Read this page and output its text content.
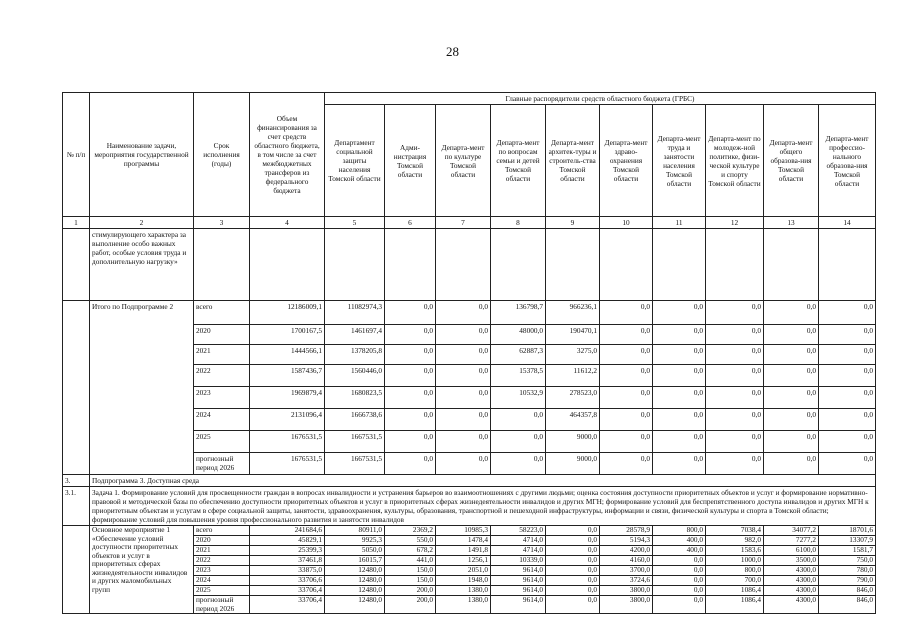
28
№ п/п	Наименование задачи, мероприятия государственной программы	Срок исполнения (годы)	Объем финансирования за счет средств областного бюджета, в том числе за счет межбюджетных трансферов из федерального бюджета	Главные распорядители средств областного бюджета (ГРБС)									
				Департамент социальной защиты населения Томской области	Адми-нистрация Томской области	Департа-мент по культуре Томской области	Департа-мент по вопросам семьи и детей Томской области	Департа-мент архитек-туры и строитель-ства Томской области	Департа-мент здраво-охранения Томской области	Департа-мент труда и занятости населения Томской области	Департа-мент по молодеж-ной политике, физи-ческой культуре и спорту Томской области	Департа-мент общего образова-ния Томской области	Департа-мент профессио-нального образова-ния Томской области
1	2	3	4	5	6	7	8	9	10	11	12	13	14
	стимулирующего характера за выполнение особо важных работ, особые условия труда и дополнительную нагрузку»												
	Итого по Подпрограмме 2	всего	12186009,1	11082974,3	0,0	0,0	136798,7	966236,1	0,0	0,0	0,0	0,0	0,0
		2020	1700167,5	1461697,4	0,0	0,0	48000,0	190470,1	0,0	0,0	0,0	0,0	0,0
		2021	1444566,1	1378205,8	0,0	0,0	62887,3	3275,0	0,0	0,0	0,0	0,0	0,0
		2022	1587436,7	1560446,0	0,0	0,0	15378,5	11612,2	0,0	0,0	0,0	0,0	0,0
		2023	1969879,4	1680823,5	0,0	0,0	10532,9	278523,0	0,0	0,0	0,0	0,0	0,0
		2024	2131096,4	1666738,6	0,0	0,0	0,0	464357,8	0,0	0,0	0,0	0,0	0,0
		2025	1676531,5	1667531,5	0,0	0,0	0,0	9000,0	0,0	0,0	0,0	0,0	0,0
		прогнозный период 2026	1676531,5	1667531,5	0,0	0,0	0,0	9000,0	0,0	0,0	0,0	0,0	0,0
3.	Подпрограмма 3. Доступная среда												
3.1.	Задача 1. Формирование условий для просвещенности граждан в вопросах инвалидности и устранения барьеров во взаимоотношениях с другими людьми; оценка состояния доступности приоритетных объектов и услуг и формирование нормативно-правовой и методической базы по обеспечению доступности приоритетных объектов и услуг в приоритетных сферах жизнедеятельности инвалидов и других МГН; формирование условий для беспрепятственного доступа инвалидов и других МГН к приоритетным объектам и услугам в сфере социальной защиты, занятости, здравоохранения, культуры, образования, транспортной и пешеходной инфраструктуры, информации и связи, физической культуры и спорта в Томской области; формирование условий для повышения уровня профессионального развития и занятости инвалидов												
	Основное мероприятие 1 «Обеспечение условий доступности приоритетных объектов и услуг в приоритетных сферах жизнедеятельности инвалидов и других маломобильных групп	всего	241684,6	80911,0	2369,2	10985,3	58223,0	0,0	28578,9	800,0	7038,4	34077,2	18701,6
		2020	45829,1	9925,3	550,0	1478,4	4714,0	0,0	5194,3	400,0	982,0	7277,2	13307,9
		2021	25399,3	5050,0	678,2	1491,8	4714,0	0,0	4200,0	400,0	1583,6	6100,0	1581,7
		2022	37461,8	16015,7	441,0	1256,1	10339,0	0,0	4160,0	0,0	1000,0	3500,0	750,0
		2023	33875,0	12480,0	150,0	2051,0	9614,0	0,0	3700,0	0,0	800,0	4300,0	780,0
		2024	33706,6	12480,0	150,0	1948,0	9614,0	0,0	3724,6	0,0	700,0	4300,0	790,0
		2025	33706,4	12480,0	200,0	1380,0	9614,0	0,0	3800,0	0,0	1086,4	4300,0	846,0
		прогнозный период 2026	33706,4	12480,0	200,0	1380,0	9614,0	0,0	3800,0	0,0	1086,4	4300,0	846,0
